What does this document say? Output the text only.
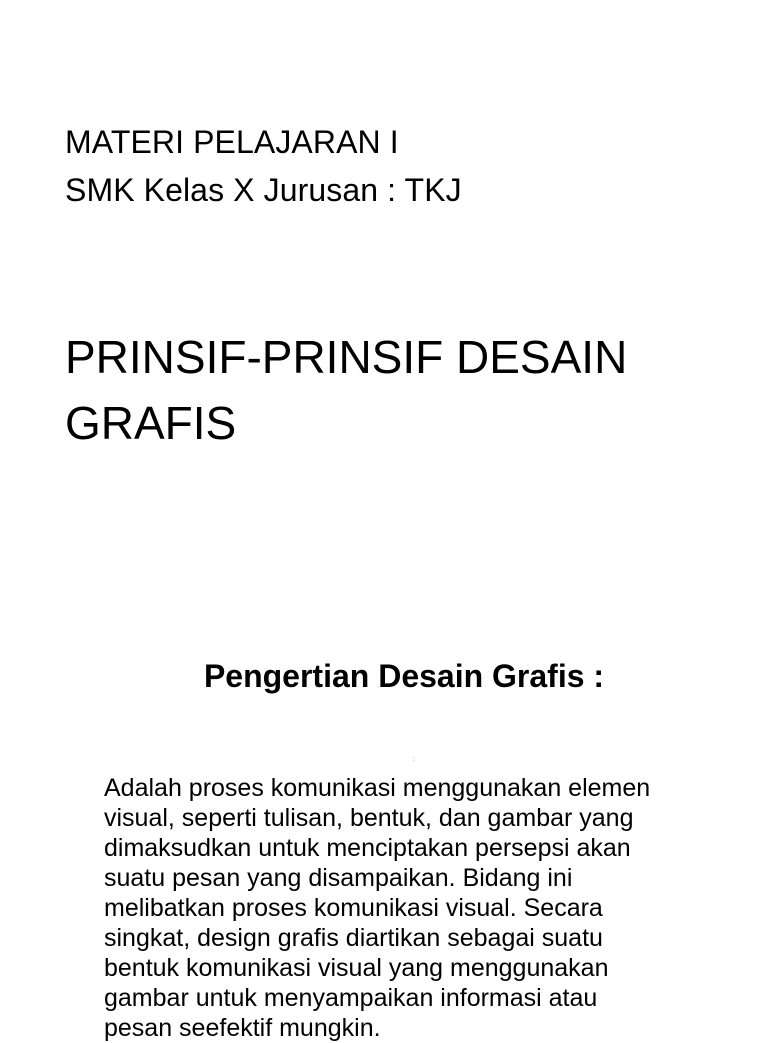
MATERI PELAJARAN I
SMK Kelas X Jurusan : TKJ
PRINSIF-PRINSIF DESAIN
GRAFIS
Pengertian Desain Grafis :
:

Adalah proses komunikasi menggunakan elemen
visual, seperti tulisan, bentuk, dan gambar yang
dimaksudkan untuk menciptakan persepsi akan
suatu pesan yang disampaikan. Bidang ini
melibatkan proses komunikasi visual. Secara
singkat, design grafis diartikan sebagai suatu
bentuk komunikasi visual yang menggunakan
gambar untuk menyampaikan informasi atau
pesan seefektif mungkin.
